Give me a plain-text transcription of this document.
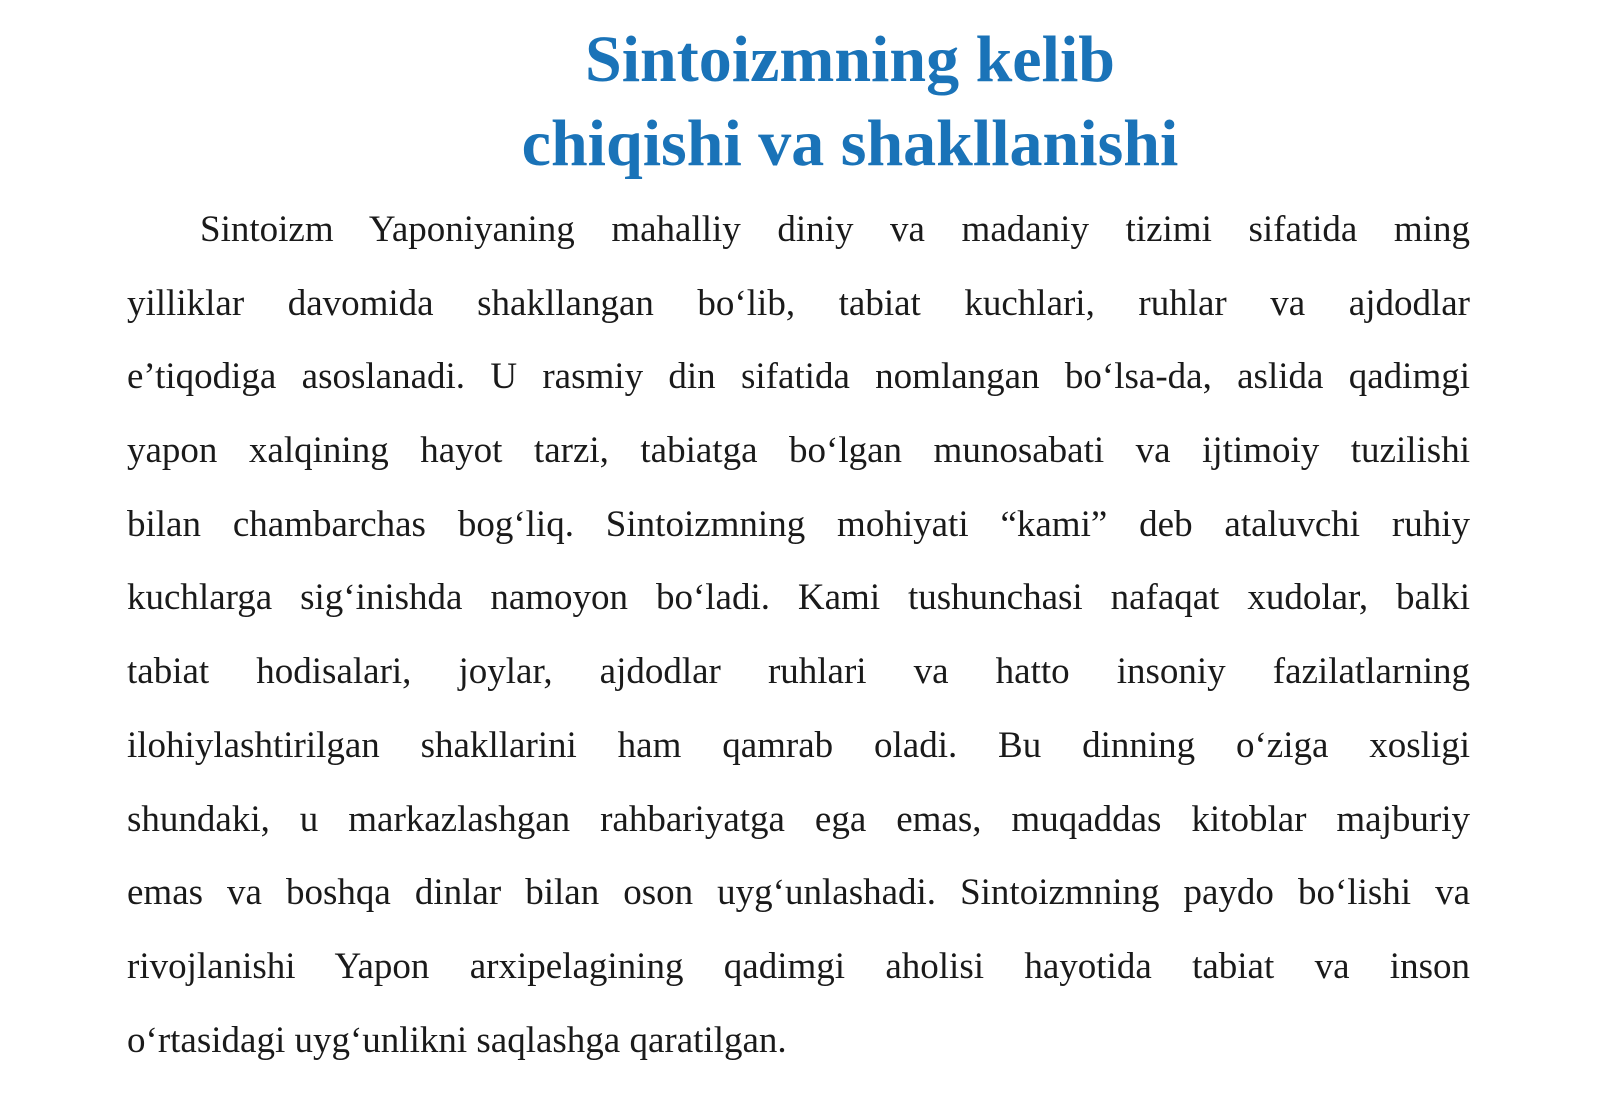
Sintoizmning kelib
chiqishi va shakllanishi

Sintoizm Yaponiyaning mahalliy diniy va madaniy tizimi sifatida ming
yilliklar davomida shakllangan bo‘lib, tabiat kuchlari, ruhlar va ajdodlar
e’tiqodiga asoslanadi. U rasmiy din sifatida nomlangan bo‘lsa-da, aslida qadimgi
yapon xalqining hayot tarzi, tabiatga bo‘lgan munosabati va ijtimoiy tuzilishi
bilan chambarchas bog‘liq. Sintoizmning mohiyati “kami” deb ataluvchi ruhiy
kuchlarga sig‘inishda namoyon bo‘ladi. Kami tushunchasi nafaqat xudolar, balki
tabiat hodisalari, joylar, ajdodlar ruhlari va hatto insoniy fazilatlarning
ilohiylashtirilgan shakllarini ham qamrab oladi. Bu dinning o‘ziga xosligi
shundaki, u markazlashgan rahbariyatga ega emas, muqaddas kitoblar majburiy
emas va boshqa dinlar bilan oson uyg‘unlashadi. Sintoizmning paydo bo‘lishi va
rivojlanishi Yapon arxipelagining qadimgi aholisi hayotida tabiat va inson
o‘rtasidagi uyg‘unlikni saqlashga qaratilgan.
